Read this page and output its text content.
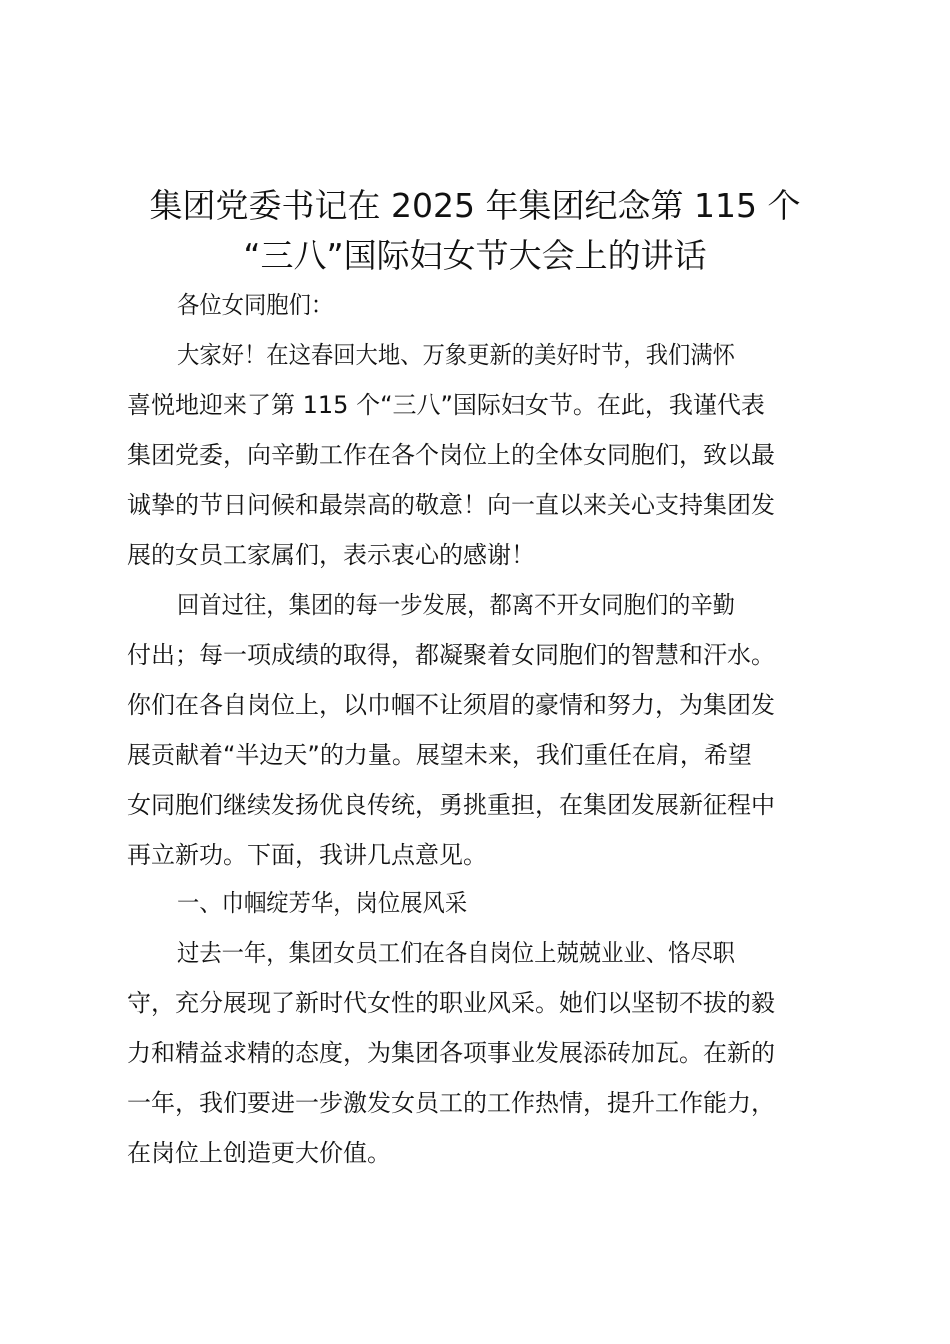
集团党委书记在 2025 年集团纪念第 115 个
“三八”国际妇女节大会上的讲话
各位女同胞们：
大家好！在这春回大地、万象更新的美好时节，我们满怀
喜悦地迎来了第 115 个“三八”国际妇女节。在此，我谨代表
集团党委，向辛勤工作在各个岗位上的全体女同胞们，致以最
诚挚的节日问候和最崇高的敬意！向一直以来关心支持集团发
展的女员工家属们，表示衷心的感谢！
回首过往，集团的每一步发展，都离不开女同胞们的辛勤
付出；每一项成绩的取得，都凝聚着女同胞们的智慧和汗水。
你们在各自岗位上，以巾帼不让须眉的豪情和努力，为集团发
展贡献着“半边天”的力量。展望未来，我们重任在肩，希望
女同胞们继续发扬优良传统，勇挑重担，在集团发展新征程中
再立新功。下面，我讲几点意见。
一、巾帼绽芳华，岗位展风采
过去一年，集团女员工们在各自岗位上兢兢业业、恪尽职
守，充分展现了新时代女性的职业风采。她们以坚韧不拔的毅
力和精益求精的态度，为集团各项事业发展添砖加瓦。在新的
一年，我们要进一步激发女员工的工作热情，提升工作能力，
在岗位上创造更大价值。
